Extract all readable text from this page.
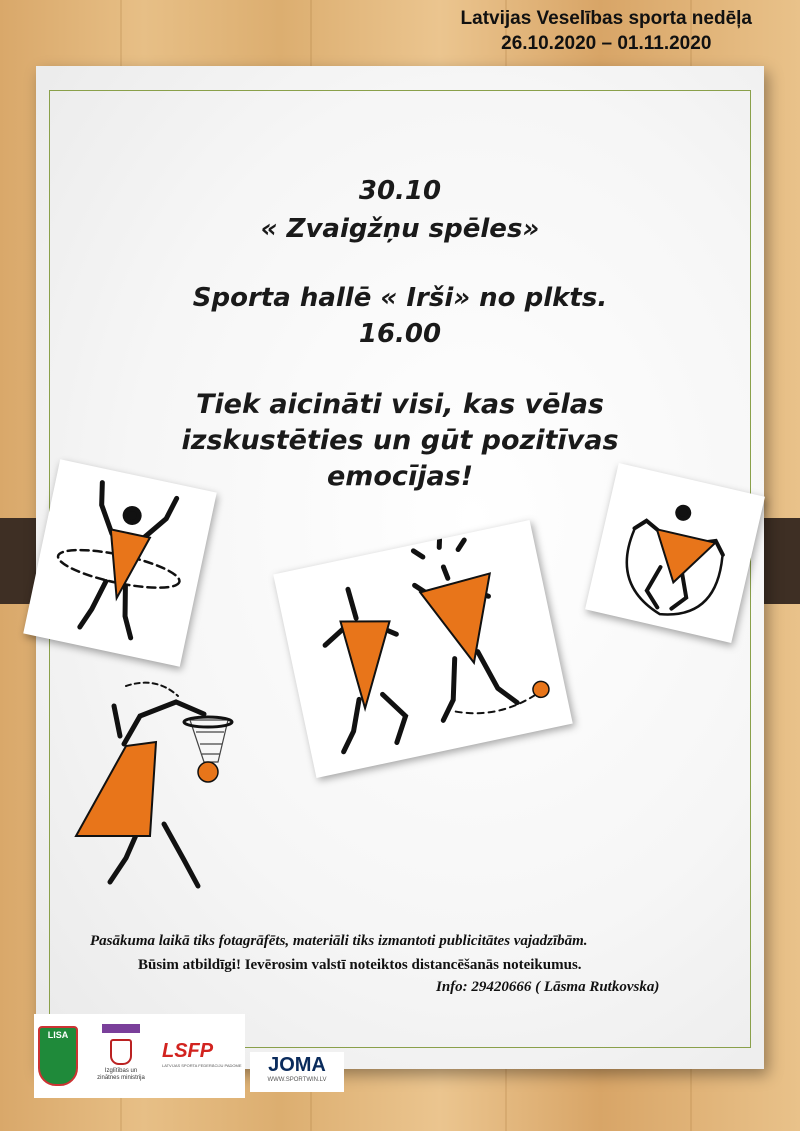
Latvijas Veselības sporta nedēļa
26.10.2020 – 01.11.2020
30.10
« Zvaigžņu spēles»
Sporta hallē « Irši» no plkts.
16.00
Tiek aicināti visi, kas vēlas izskustēties un gūt pozitīvas emocījas!
Pasākuma laikā tiks fotagrāfēts, materiāli tiks izmantoti publicitātes vajadzībām.
Būsim atbildīgi! Ievērosim valstī noteiktos distancēšanās noteikumus.
Info: 29420666 ( Lāsma Rutkovska)
LISA
Izglītības un zinātnes ministrija
LSFP
LATVIJAS SPORTA FEDERĀCIJU PADOME	JOMA
WWW.SPORTWIN.LV
